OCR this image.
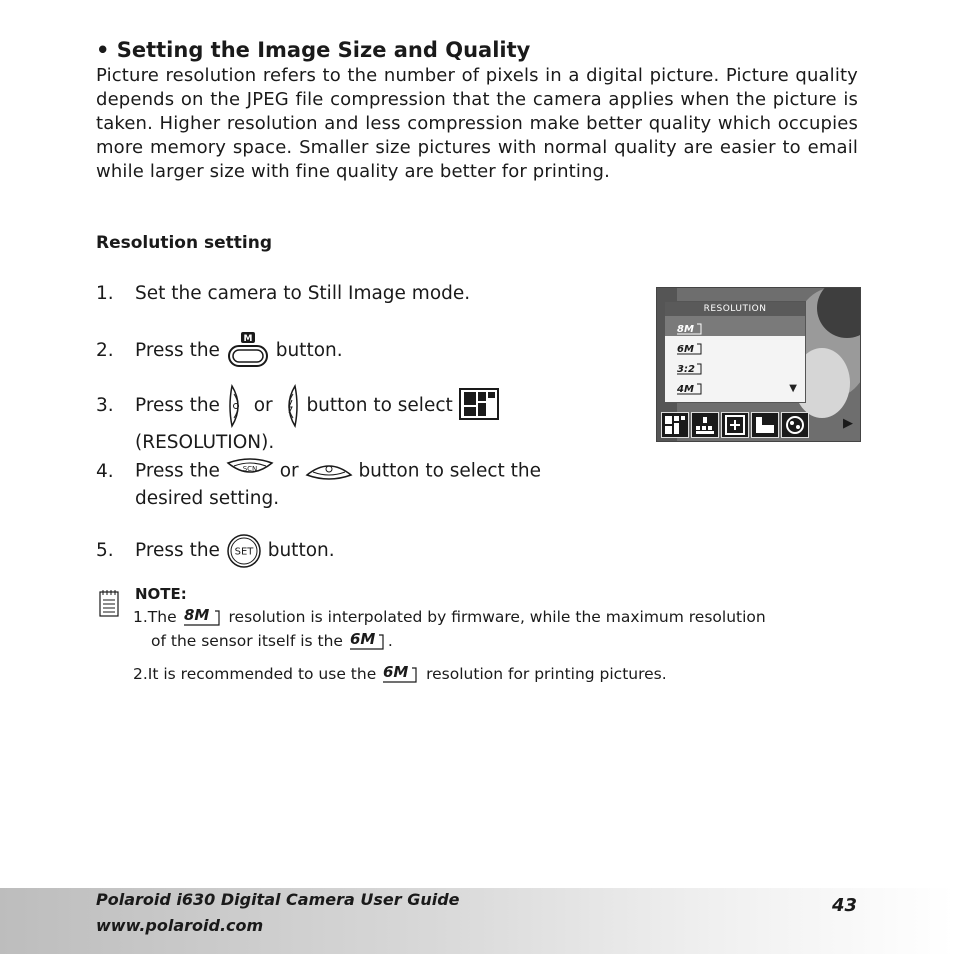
• Setting the Image Size and Quality

Picture resolution refers to the number of pixels in a digital picture. Picture quality depends on the JPEG file compression that the camera applies when the picture is taken. Higher resolution and less compression make better quality which occupies more memory space. Smaller size pictures with normal quality are easier to email while larger size with fine quality are better for printing.

Resolution setting
1. Set the camera to Still Image mode.
2. Press the
M
button.
3. Press the or button to select
(RESOLUTION).
4. Press the	SCN or	button to select the
desired setting.
5. Press the SET button.
RESOLUTION
8M
6M
3:2
4M	▼
▶
NOTE:
1.The 8M resolution is interpolated by firmware, while the maximum resolution
of the sensor itself is the 6M .
2.It is recommended to use the 6M resolution for printing pictures.
Polaroid i630 Digital Camera User Guide
www.polaroid.com
43
